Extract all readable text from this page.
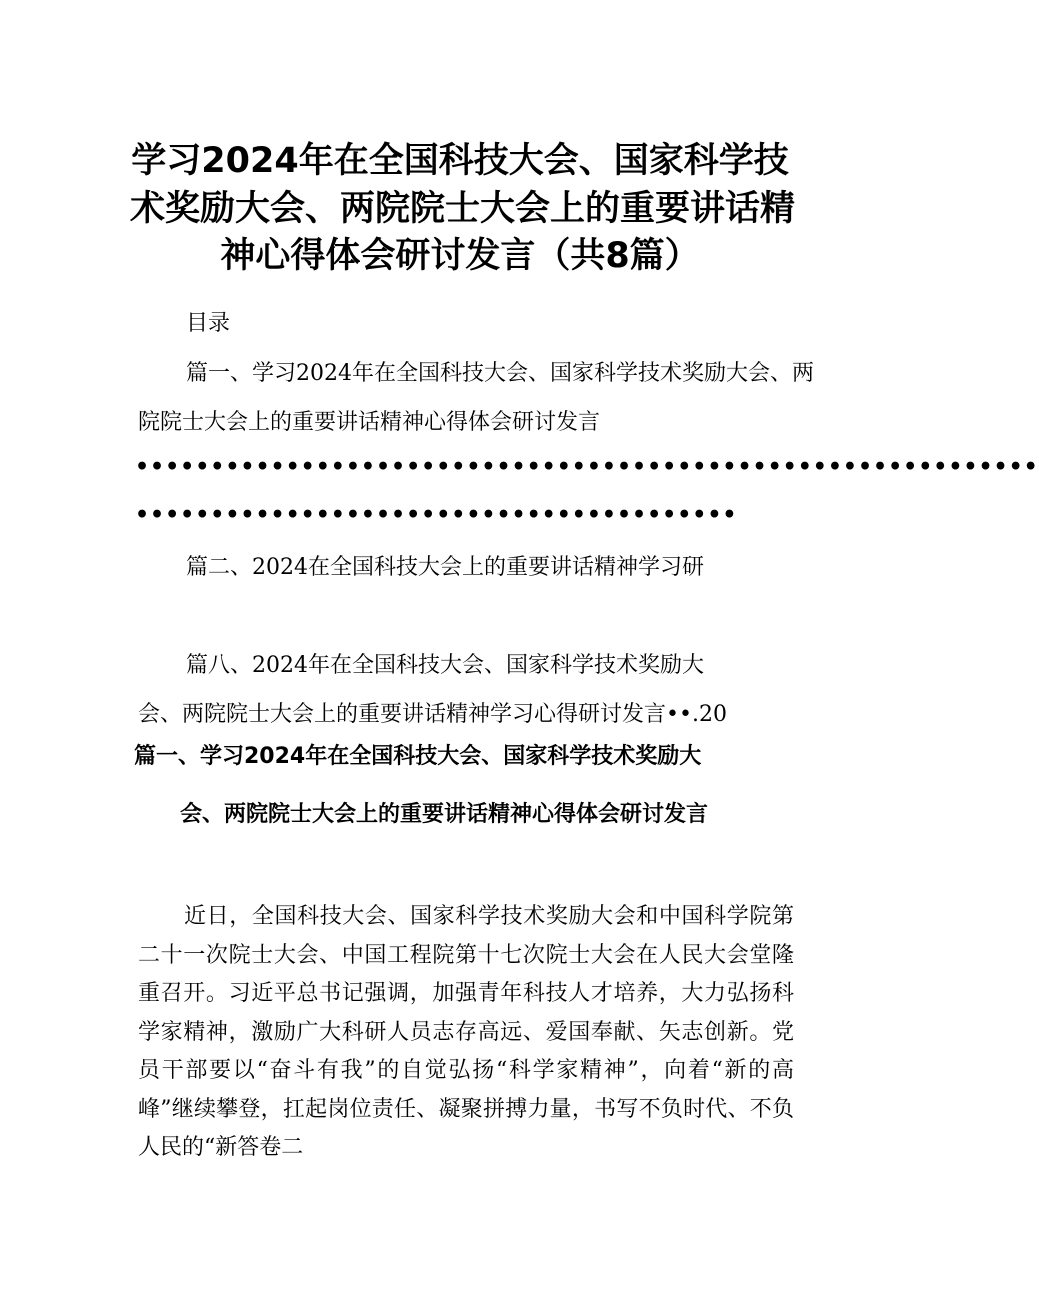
学习2024年在全国科技大会、国家科学技
术奖励大会、两院院士大会上的重要讲话精
神心得体会研讨发言（共8篇）
目录
篇一、学习2024年在全国科技大会、国家科学技术奖励大会、两
院院士大会上的重要讲话精神心得体会研讨发言
••••••••••••••••••••••••••••••••••••••••••••••••••••••••••••
••••••••••••••••••••••••••••••••••••••••
篇二、2024在全国科技大会上的重要讲话精神学习研
篇八、2024年在全国科技大会、国家科学技术奖励大
会、两院院士大会上的重要讲话精神学习心得研讨发言••.20
篇一、学习2024年在全国科技大会、国家科学技术奖励大
会、两院院士大会上的重要讲话精神心得体会研讨发言

近日，全国科技大会、国家科学技术奖励大会和中国科学院第二十一次院士大会、中国工程院第十七次院士大会在人民大会堂隆重召开。习近平总书记强调，加强青年科技人才培养，大力弘扬科学家精神，激励广大科研人员志存高远、爱国奉献、矢志创新。党员干部要以“奋斗有我”的自觉弘扬“科学家精神”，向着“新的高峰”继续攀登，扛起岗位责任、凝聚拼搏力量，书写不负时代、不负人民的“新答卷二
